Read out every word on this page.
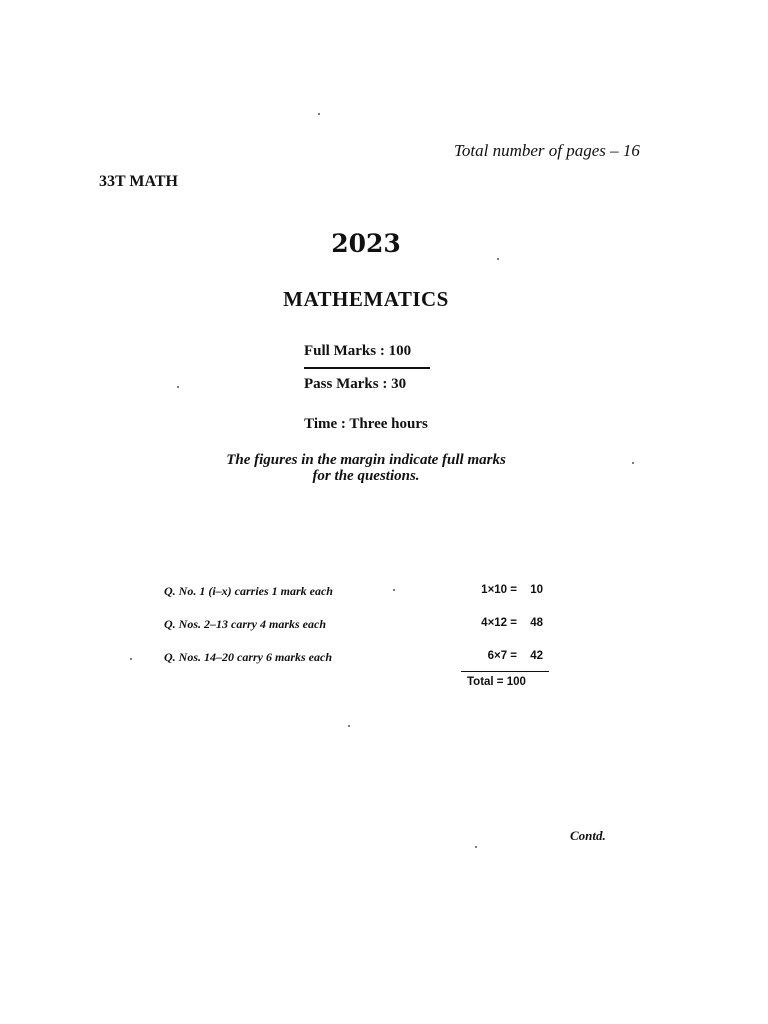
Total number of pages – 16
33T MATH
2023
MATHEMATICS
Full Marks : 100
Pass Marks : 30
Time : Three hours
The figures in the margin indicate full marks
for the questions.
Q. No. 1 (i–x) carries 1 mark each	1×10 = 10
Q. Nos. 2–13 carry 4 marks each	4×12 = 48
Q. Nos. 14–20 carry 6 marks each	6×7 = 42
Total = 100
Contd.
